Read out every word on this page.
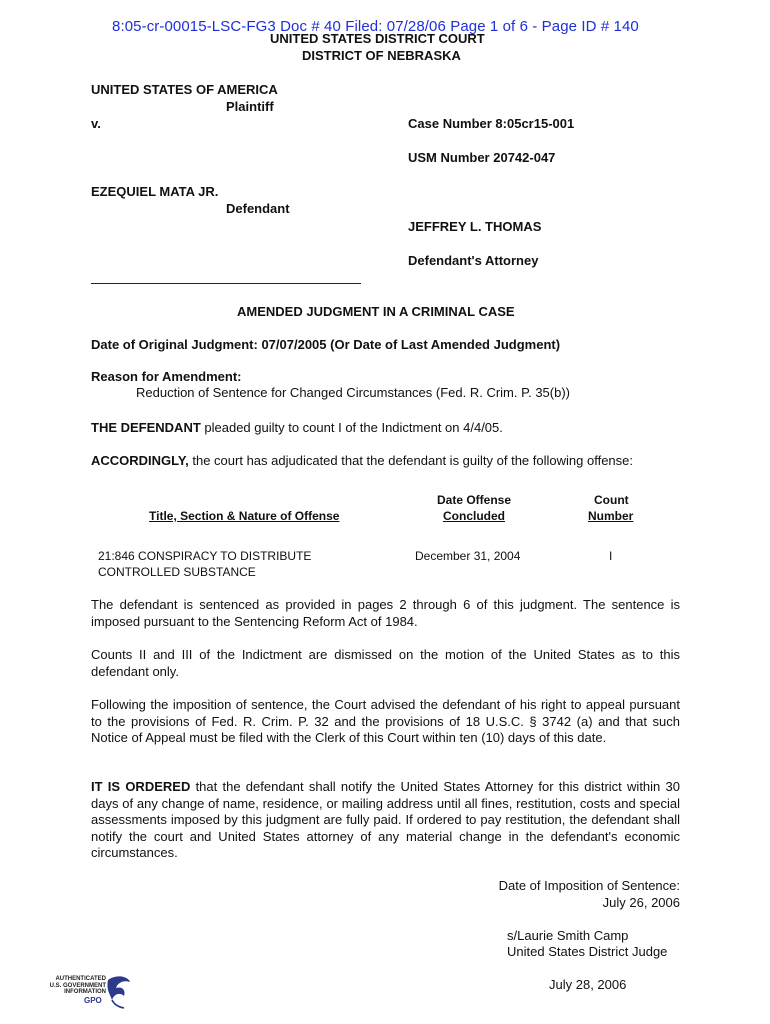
8:05-cr-00015-LSC-FG3 Doc # 40 Filed: 07/28/06 Page 1 of 6 - Page ID # 140
UNITED STATES DISTRICT COURT
DISTRICT OF NEBRASKA
UNITED STATES OF AMERICA
Plaintiff
v.	Case Number 8:05cr15-001
USM Number 20742-047
EZEQUIEL MATA JR.
Defendant
JEFFREY L. THOMAS
Defendant's Attorney
AMENDED JUDGMENT IN A CRIMINAL CASE
Date of Original Judgment: 07/07/2005 (Or Date of Last Amended Judgment)
Reason for Amendment:
Reduction of Sentence for Changed Circumstances (Fed. R. Crim. P. 35(b))
THE DEFENDANT pleaded guilty to count I of the Indictment on 4/4/05.
ACCORDINGLY, the court has adjudicated that the defendant is guilty of the following offense:
Title, Section & Nature of Offense
Date Offense
Concluded
Count
Number
21:846 CONSPIRACY TO DISTRIBUTE
CONTROLLED SUBSTANCE
December 31, 2004	I
The defendant is sentenced as provided in pages 2 through 6 of this judgment. The sentence is imposed pursuant to the Sentencing Reform Act of 1984.
Counts II and III of the Indictment are dismissed on the motion of the United States as to this defendant only.
Following the imposition of sentence, the Court advised the defendant of his right to appeal pursuant to the provisions of Fed. R. Crim. P. 32 and the provisions of 18 U.S.C. § 3742 (a) and that such Notice of Appeal must be filed with the Clerk of this Court within ten (10) days of this date.
IT IS ORDERED that the defendant shall notify the United States Attorney for this district within 30 days of any change of name, residence, or mailing address until all fines, restitution, costs and special assessments imposed by this judgment are fully paid. If ordered to pay restitution, the defendant shall notify the court and United States attorney of any material change in the defendant's economic circumstances.
Date of Imposition of Sentence:
July 26, 2006
s/Laurie Smith Camp
United States District Judge
July 28, 2006
AUTHENTICATED
U.S. GOVERNMENT
INFORMATION
GPO
